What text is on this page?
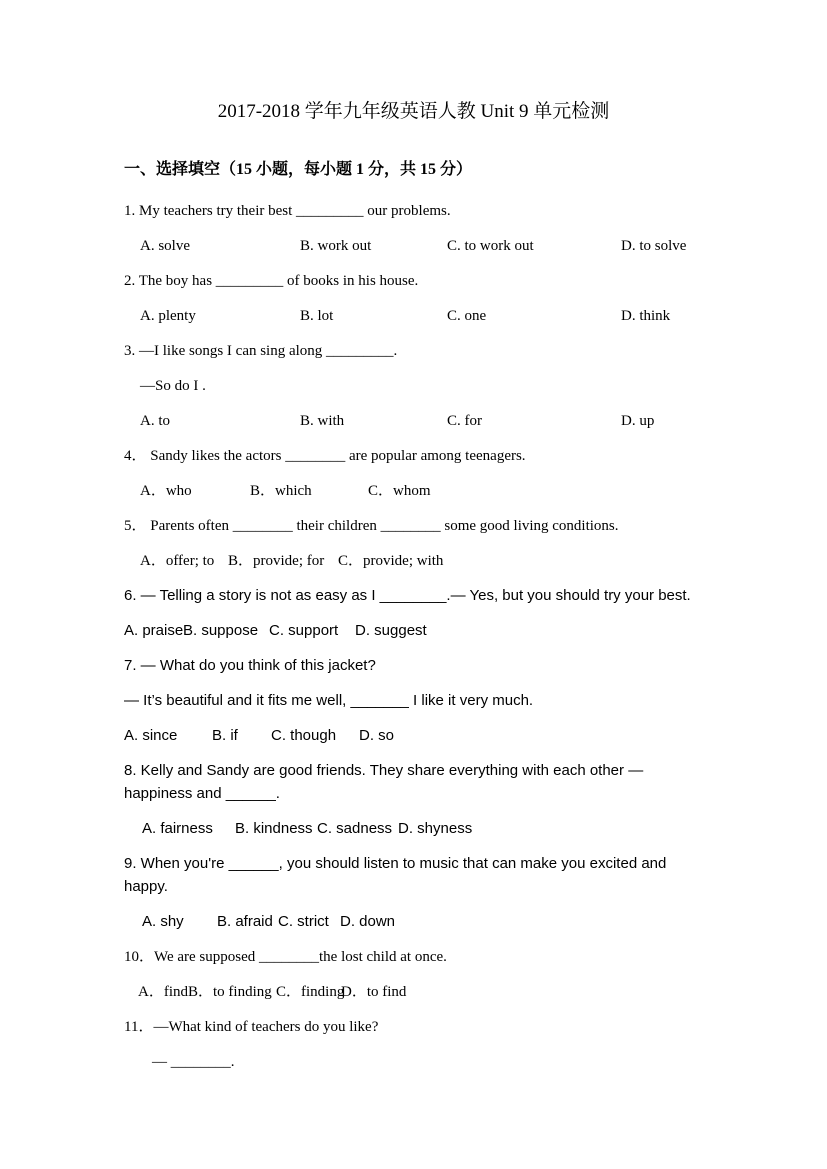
2017-2018 学年九年级英语人教 Unit 9 单元检测
一、选择填空（15 小题，每小题 1 分，共 15 分）
1. My teachers try their best _________ our problems.
A. solve	B. work out	C. to work out	D. to solve
2. The boy has _________ of books in his house.
A. plenty	B. lot	C. one	D. think
3. —I like songs I can sing along _________.
—So do I .
A. to	B. with	C. for	D. up
4． Sandy likes the actors ________ are popular among teenagers.
A．who	B．which	C．whom
5． Parents often ________ their children ________ some good living conditions.
A．offer; to B．provide; for C．provide; with
6. — Telling a story is not as easy as I ________.— Yes, but you should try your best.
A. praiseB. suppose C. support D. suggest
7. — What do you think of this jacket?
— It’s beautiful and it fits me well, _______ I like it very much.
A. since B. if C. though D. so
8. Kelly and Sandy are good friends. They share everything with each other —
happiness and ______.
A. fairness B. kindness C. sadness D. shyness
9. When you're ______, you should listen to music that can make you excited and
happy.
A. shy B. afraid C. strict D. down
10．We are supposed ________the lost child at once.
A．findB．to finding C．findingD．to find
11．—What kind of teachers do you like?
— ________.
